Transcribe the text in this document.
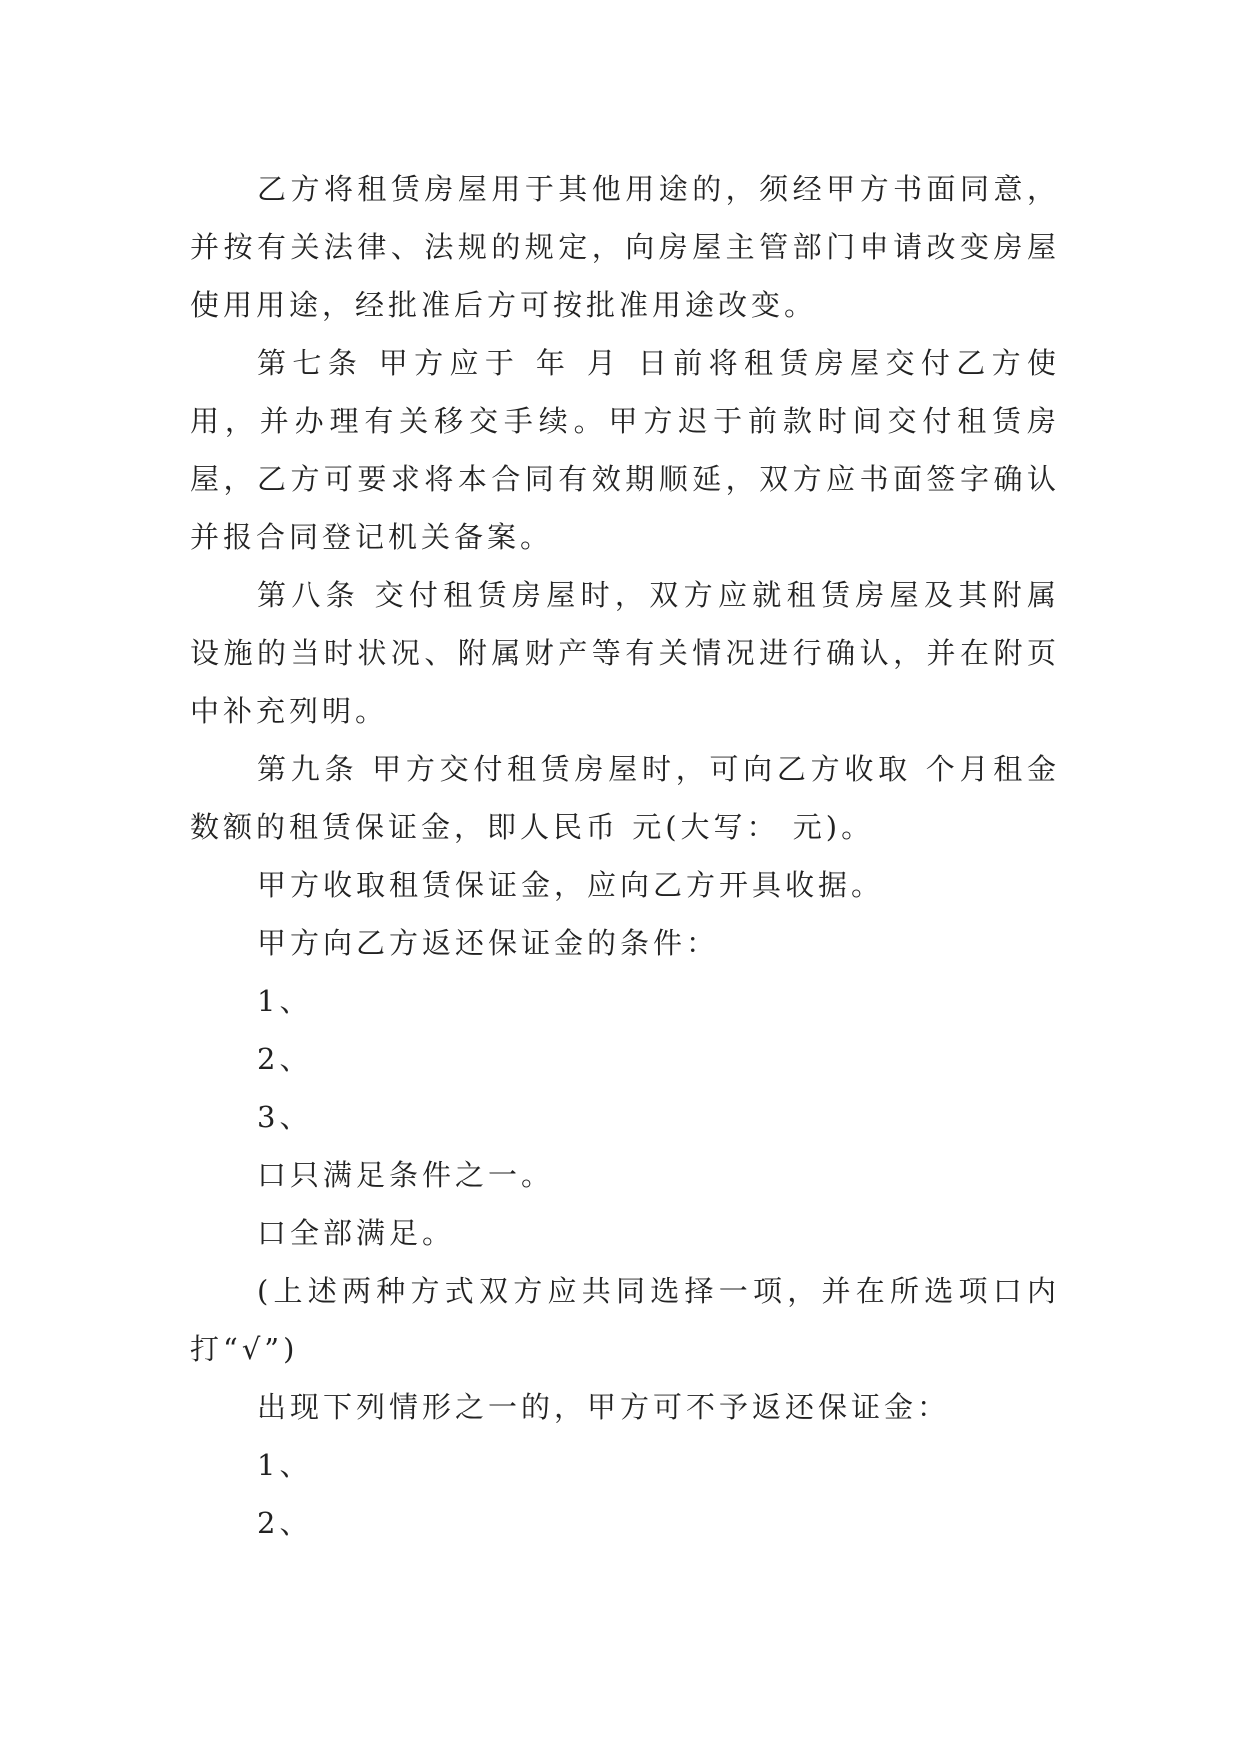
乙方将租赁房屋用于其他用途的，须经甲方书面同意，并按有关法律、法规的规定，向房屋主管部门申请改变房屋使用用途，经批准后方可按批准用途改变。

第七条 甲方应于 年 月 日前将租赁房屋交付乙方使用，并办理有关移交手续。甲方迟于前款时间交付租赁房屋，乙方可要求将本合同有效期顺延，双方应书面签字确认并报合同登记机关备案。

第八条 交付租赁房屋时，双方应就租赁房屋及其附属设施的当时状况、附属财产等有关情况进行确认，并在附页中补充列明。

第九条 甲方交付租赁房屋时，可向乙方收取 个月租金数额的租赁保证金，即人民币 元(大写： 元)。

甲方收取租赁保证金，应向乙方开具收据。

甲方向乙方返还保证金的条件：

1、

2、

3、

口只满足条件之一。

口全部满足。

(上述两种方式双方应共同选择一项，并在所选项口内打“√”)

出现下列情形之一的，甲方可不予返还保证金：

1、

2、
